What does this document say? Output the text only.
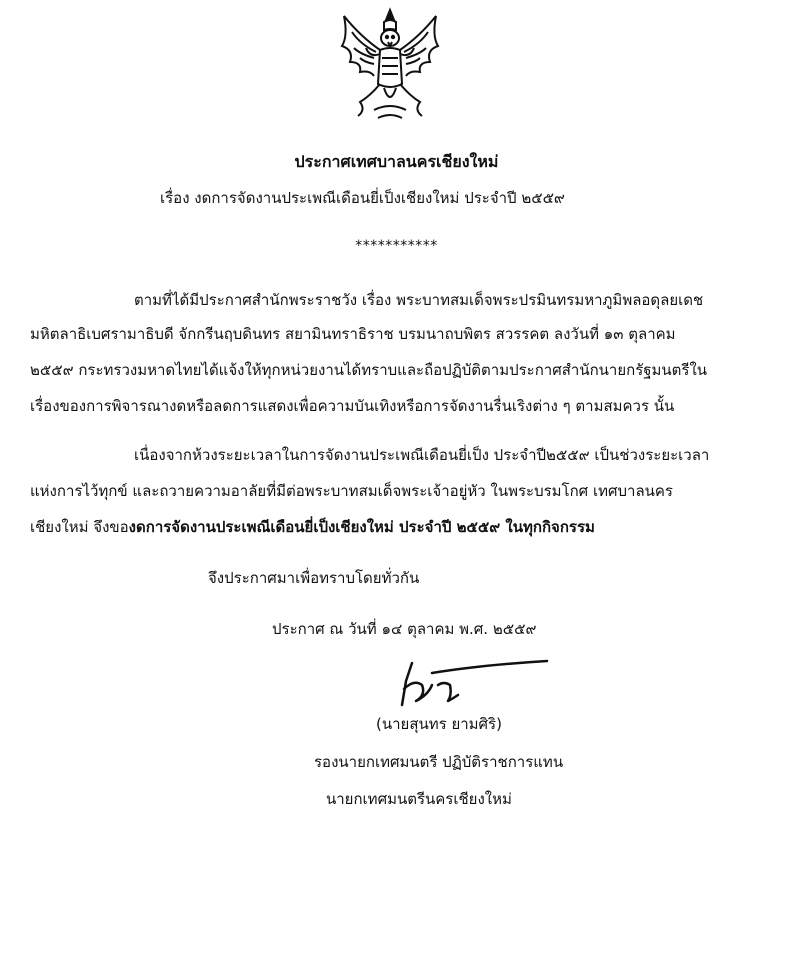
ประกาศเทศบาลนครเชียงใหม่
เรื่อง งดการจัดงานประเพณีเดือนยี่เป็งเชียงใหม่ ประจำปี ๒๕๕๙
***********
ตามที่ได้มีประกาศสำนักพระราชวัง เรื่อง พระบาทสมเด็จพระปรมินทรมหาภูมิพลอดุลยเดช
มหิตลาธิเบศรามาธิบดี จักกรีนฤบดินทร สยามินทราธิราช บรมนาถบพิตร สวรรคต ลงวันที่ ๑๓ ตุลาคม
๒๕๕๙ กระทรวงมหาดไทยได้แจ้งให้ทุกหน่วยงานได้ทราบและถือปฏิบัติตามประกาศสำนักนายกรัฐมนตรีใน
เรื่องของการพิจารณางดหรือลดการแสดงเพื่อความบันเทิงหรือการจัดงานรื่นเริงต่าง ๆ ตามสมควร นั้น
เนื่องจากห้วงระยะเวลาในการจัดงานประเพณีเดือนยี่เป็ง ประจำปี๒๕๕๙ เป็นช่วงระยะเวลา
แห่งการไว้ทุกข์ และถวายความอาลัยที่มีต่อพระบาทสมเด็จพระเจ้าอยู่หัว ในพระบรมโกศ เทศบาลนคร
เชียงใหม่ จึงของดการจัดงานประเพณีเดือนยี่เป็งเชียงใหม่ ประจำปี ๒๕๕๙ ในทุกกิจกรรม
จึงประกาศมาเพื่อทราบโดยทั่วกัน
ประกาศ ณ วันที่ ๑๔ ตุลาคม พ.ศ. ๒๕๕๙
(นายสุนทร ยามศิริ)
รองนายกเทศมนตรี ปฏิบัติราชการแทน
นายกเทศมนตรีนครเชียงใหม่
